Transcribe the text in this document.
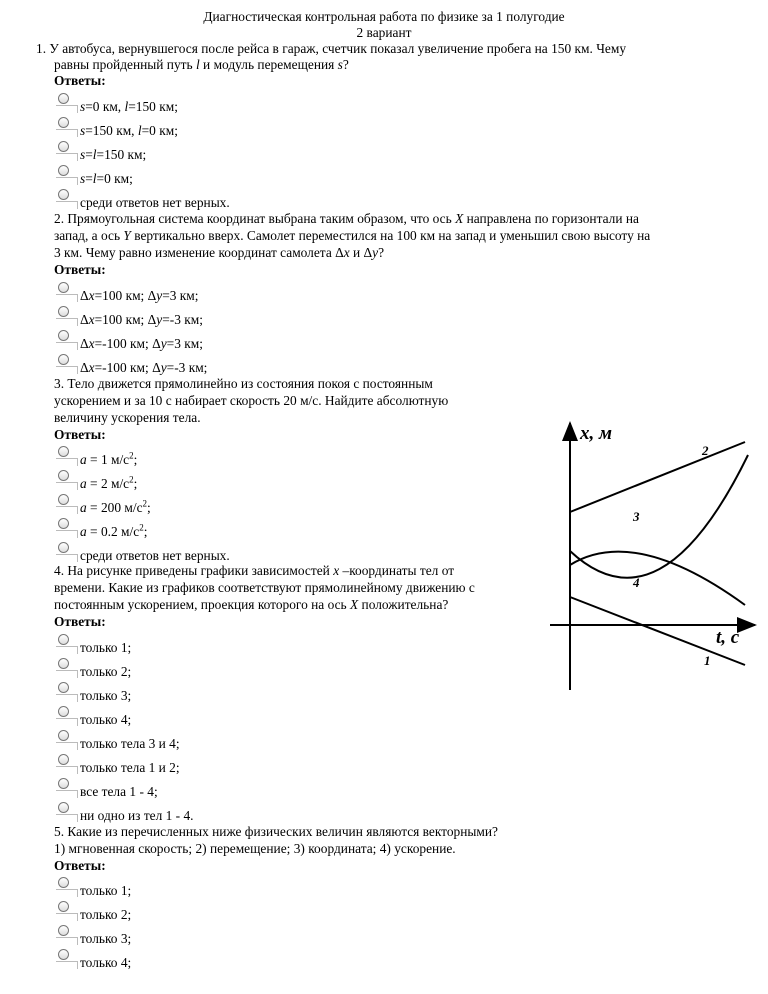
Диагностическая контрольная работа по физике за 1 полугодие
2 вариант
1. У автобуса, вернувшегося после рейса в гараж, счетчик показал увеличение пробега на 150 км. Чему
равны пройденный путь l и модуль перемещения s?
Ответы:
s=0 км, l=150 км;
s=150 км, l=0 км;
s=l=150 км;
s=l=0 км;
среди ответов нет верных.
2. Прямоугольная система координат выбрана таким образом, что ось X направлена по горизонтали на
запад, а ось Y вертикально вверх. Самолет переместился на 100 км на запад и уменьшил свою высоту на
3 км. Чему равно изменение координат самолета Δx и Δy?
Ответы:
Δx=100 км; Δy=3 км;
Δx=100 км; Δy=-3 км;
Δx=-100 км; Δy=3 км;
Δx=-100 км; Δy=-3 км;
3. Тело движется прямолинейно из состояния покоя с постоянным
ускорением и за 10 с набирает скорость 20 м/с. Найдите абсолютную
величину ускорения тела.
Ответы:
a = 1 $м/с^2$;
a = 2 $м/с^2$;
a = 200 $м/с^2$;
a = 0.2 $м/с^2$;
среди ответов нет верных.
4. На рисунке приведены графики зависимостей x –координаты тел от
времени. Какие из графиков соответствуют прямолинейному движению с
постоянным ускорением, проекция которого на ось X положительна?
Ответы:
только 1;
только 2;
только 3;
только 4;
только тела 3 и 4;
только тела 1 и 2;
все тела 1 - 4;
ни одно из тел 1 - 4.
5. Какие из перечисленных ниже физических величин являются векторными?
1) мгновенная скорость; 2) перемещение; 3) координата; 4) ускорение.
Ответы:
только 1;
только 2;
только 3;
только 4;
x, м
t, с
2
3
4
1
